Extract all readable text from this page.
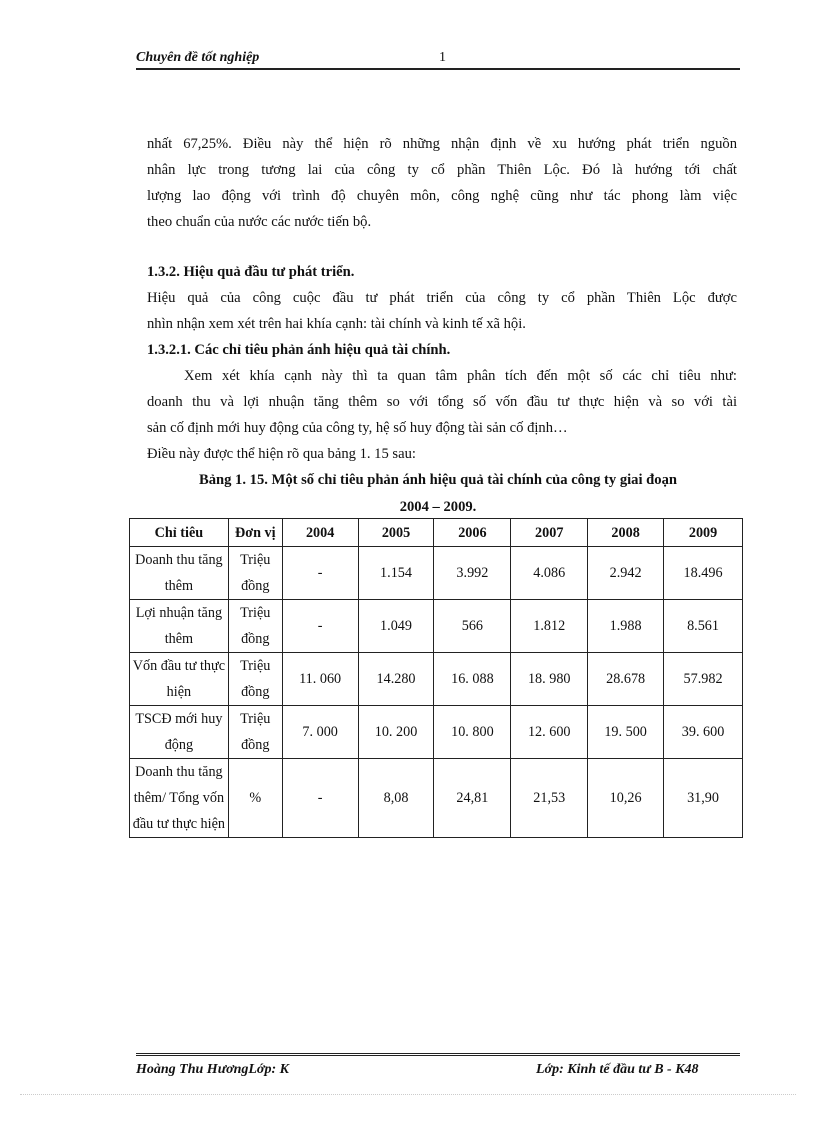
Chuyên đề tốt nghiệp	1

nhất 67,25%. Điều này thể hiện rõ những nhận định về xu hướng phát triển nguồn

nhân lực trong tương lai của công ty cổ phần Thiên Lộc. Đó là hướng tới chất

lượng lao động với trình độ chuyên môn, công nghệ cũng như tác phong làm việc

theo chuẩn của nước các nước tiến bộ.

1.3.2. Hiệu quả đầu tư phát triển.

Hiệu quả của công cuộc đầu tư phát triển của công ty cổ phần Thiên Lộc được

nhìn nhận xem xét trên hai khía cạnh: tài chính và kinh tế xã hội.

1.3.2.1. Các chỉ tiêu phản ánh hiệu quả tài chính.

Xem xét khía cạnh này thì ta quan tâm phân tích đến một số các chỉ tiêu như:

doanh thu và lợi nhuận tăng thêm so với tổng số vốn đầu tư thực hiện và so với tài

sản cố định mới huy động của công ty, hệ số huy động tài sản cố định…

Điều này được thể hiện rõ qua bảng 1. 15 sau:

Bảng 1. 15. Một số chỉ tiêu phản ánh hiệu quả tài chính của công ty giai đoạn
2004 – 2009.
Chỉ tiêu	Đơn vị	2004	2005	2006	2007	2008	2009
Doanh thu tăng thêm	Triệu đồng	-	1.154	3.992	4.086	2.942	18.496
Lợi nhuận tăng thêm	Triệu đồng	-	1.049	566	1.812	1.988	8.561
Vốn đầu tư thực hiện	Triệu đồng	11. 060	14.280	16. 088	18. 980	28.678	57.982
TSCĐ mới huy động	Triệu đồng	7. 000	10. 200	10. 800	12. 600	19. 500	39. 600
Doanh thu tăng thêm/ Tổng vốn đầu tư thực hiện	%	-	8,08	24,81	21,53	10,26	31,90
Hoàng Thu HươngLớp: K	Lớp: Kinh tế đầu tư B - K48
